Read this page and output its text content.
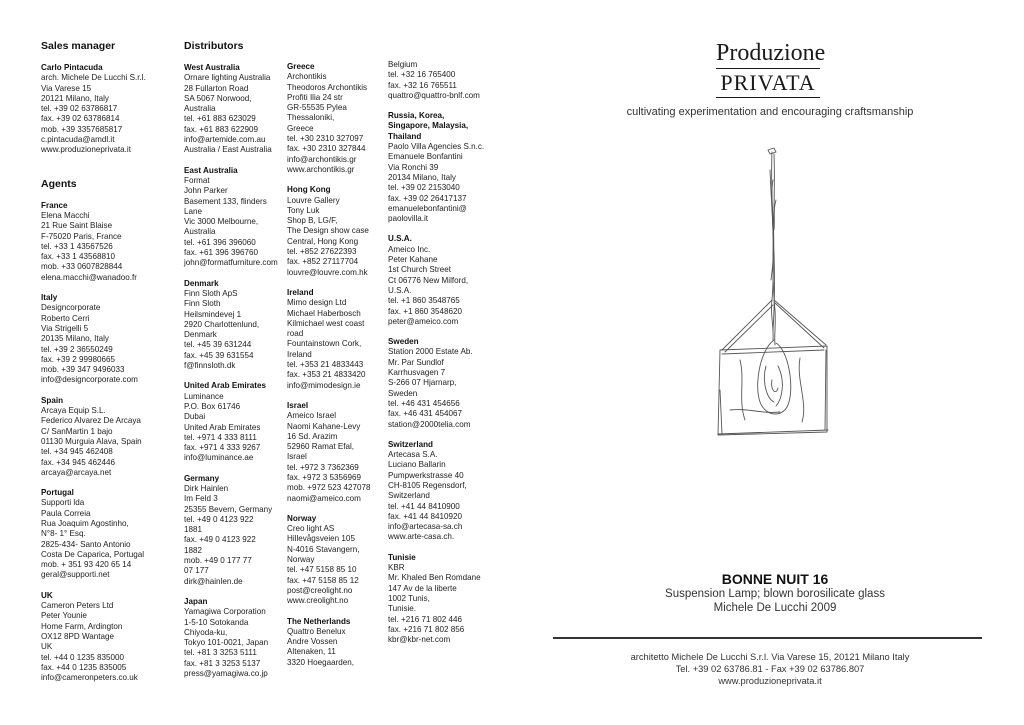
Sales manager
Carlo Pintacuda
arch. Michele De Lucchi S.r.l.
Via Varese 15
20121 Milano, Italy
tel. +39 02 63786817
fax. +39 02 63786814
mob. +39 3357685817
c.pintacuda@amdl.it
www.produzioneprivata.it
Agents
France
Elena Macchi
21 Rue Saint Blaise
F-75020 Paris, France
tel. +33 1 43567526
fax. +33 1 43568810
mob. +33 0607828844
elena.macchi@wanadoo.fr
Italy
Designcorporate
Roberto Cerri
Via Strigelli 5
20135 Milano, Italy
tel. +39 2 36550249
fax. +39 2 99980665
mob. +39 347 9496033
info@designcorporate.com
Spain
Arcaya Equip S.L.
Federico Alvarez De Arcaya
C/ SanMartin 1 bajo
01130 Murguia Alava, Spain
tel. +34 945 462408
fax. +34 945 462446
arcaya@arcaya.net
Portugal
Supporti lda
Paula Correia
Rua Joaquim Agostinho,
N°8- 1° Esq.
2825-434- Santo Antonio
Costa De Caparica, Portugal
mob. + 351 93 420 65 14
geral@supporti.net
UK
Cameron Peters Ltd
Peter Younie
Home Farm, Ardington
OX12 8PD Wantage
UK
tel. +44 0 1235 835000
fax. +44 0 1235 835005
info@cameronpeters.co.uk
Distributors
West Australia
Ornare lighting Australia
28 Fullarton Road
SA 5067 Norwood,
Australia
tel. +61 883 623029
fax. +61 883 622909
info@artemide.com.au
Australia / East Australia
East Australia
Format
John Parker
Basement 133, flinders
Lane
Vic 3000 Melbourne,
Australia
tel. +61 396 396060
fax. +61 396 396760
john@formatfurniture.com
Denmark
Finn Sloth ApS
Finn Sloth
Heilsmindevej 1
2920 Charlottenlund,
Denmark
tel. +45 39 631244
fax. +45 39 631554
f@finnsloth.dk
United Arab Emirates
Luminance
P.O. Box 61746
Dubai
United Arab Emirates
tel. +971 4 333 8111
fax. +971 4 333 9267
info@luminance.ae
Germany
Dirk Hainlen
Im Feld 3
25355 Bevern, Germany
tel. +49 0 4123 922
1881
fax. +49 0 4123 922
1882
mob. +49 0 177 77
07 177
dirk@hainlen.de
Japan
Yamagiwa Corporation
1-5-10 Sotokanda
Chiyoda-ku,
Tokyo 101-0021, Japan
tel. +81 3 3253 5111
fax. +81 3 3253 5137
press@yamagiwa.co.jp
Greece
Archontikis
Theodoros Archontikis
Profiti Ilia 24 str
GR-55535 Pylea
Thessaloniki,
Greece
tel. +30 2310 327097
fax. +30 2310 327844
info@archontikis.gr
www.archontikis.gr
Hong Kong
Louvre Gallery
Tony Luk
Shop B, LG/F,
The Design show case
Central, Hong Kong
tel. +852 27622393
fax. +852 27117704
louvre@louvre.com.hk
Ireland
Mimo design Ltd
Michael Haberbosch
Kilmichael west coast
road
Fountainstown Cork,
Ireland
tel. +353 21 4833443
fax. +353 21 4833420
info@mimodesign.ie
Israel
Ameico Israel
Naomi Kahane-Levy
16 Sd. Arazim
52960 Ramat Efal,
Israel
tel. +972 3 7362369
fax. +972 3 5356969
mob. +972 523 427078
naomi@ameico.com
Norway
Creo light AS
Hillevågsveien 105
N-4016 Stavangern,
Norway
tel. +47 5158 85 10
fax. +47 5158 85 12
post@creolight.no
www.creolight.no
The Netherlands
Quattro Benelux
Andre Vossen
Altenaken, 11
3320 Hoegaarden,
Belgium
tel. +32 16 765400
fax. +32 16 765511
quattro@quattro-bnlf.com
Russia, Korea, Singapore, Malaysia, Thailand
Paolo Villa Agencies S.n.c.
Emanuele Bonfantini
Via Ronchi 39
20134 Milano, Italy
tel. +39 02 2153040
fax. +39 02 26417137
emanuelebonfantini@
paolovilla.it
U.S.A.
Ameico Inc.
Peter Kahane
1st Church Street
Ct 06776 New Milford,
U.S.A.
tel. +1 860 3548765
fax. +1 860 3548620
peter@ameico.com
Sweden
Station 2000 Estate Ab.
Mr. Par Sundlof
Karrhusvagen 7
S-266 07 Hjarnarp,
Sweden
tel. +46 431 454656
fax. +46 431 454067
station@2000telia.com
Switzerland
Artecasa S.A.
Luciano Ballarin
Pumpwerkstrasse 40
CH-8105 Regensdorf,
Switzerland
tel. +41 44 8410900
fax. +41 44 8410920
info@artecasa-sa.ch
www.arte-casa.ch.
Tunisie
KBR
Mr. Khaled Ben Romdane
147 Av de la liberte
1002 Tunis,
Tunisie.
tel. +216 71 802 446
fax. +216 71 802 856
kbr@kbr-net.com
Produzione
PRIVATA
cultivating experimentation and encouraging craftsmanship
BONNE NUIT 16
Suspension Lamp; blown borosilicate glass
Michele De Lucchi 2009
architetto Michele De Lucchi S.r.l. Via Varese 15, 20121 Milano Italy
Tel. +39 02 63786.81 - Fax +39 02 63786.807
www.produzioneprivata.it
